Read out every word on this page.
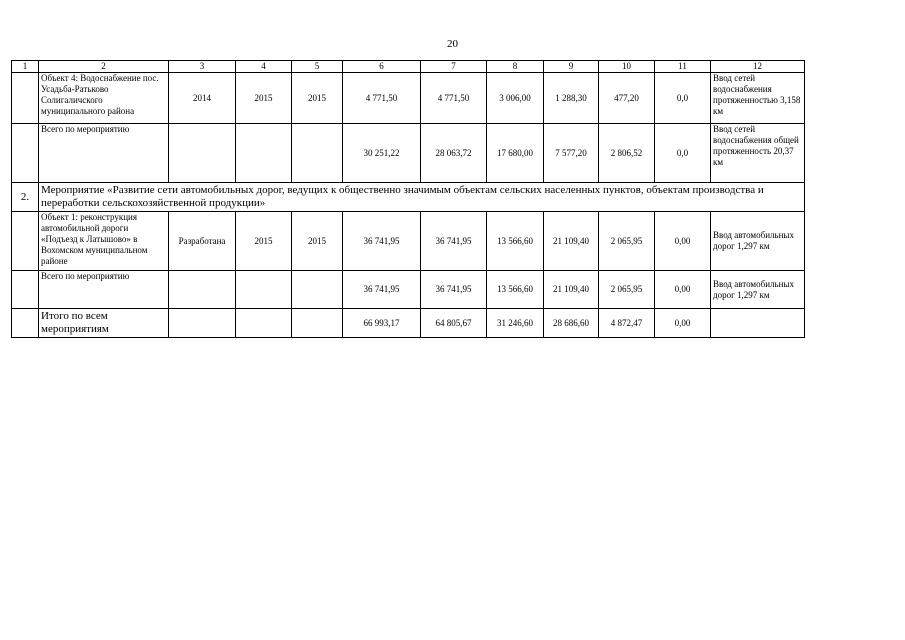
20
1	2	3	4	5	6	7	8	9	10	11	12
	Объект 4: Водоснабжение пос. Усадьба-Ратьково Солигаличского муниципального района	2014	2015	2015	4 771,50	4 771,50	3 006,00	1 288,30	477,20	0,0	Ввод сетей водоснабжения протяженностью 3,158 км
	Всего по мероприятию				30 251,22	28 063,72	17 680,00	7 577,20	2 806,52	0,0	Ввод сетей водоснабжения общей протяженность 20,37 км
2.	Мероприятие «Развитие сети автомобильных дорог, ведущих к общественно значимым объектам сельских населенных пунктов, объектам производства и переработки сельскохозяйственной продукции»										
	Объект 1: реконструкция автомобильной дороги «Подъезд к Латышово» в Вохомском муниципальном районе	Разработана	2015	2015	36 741,95	36 741,95	13 566,60	21 109,40	2 065,95	0,00	Ввод автомобильных дорог 1,297 км
	Всего по мероприятию				36 741,95	36 741,95	13 566,60	21 109,40	2 065,95	0,00	Ввод автомобильных дорог 1,297 км
	Итого по всем мероприятиям				66 993,17	64 805,67	31 246,60	28 686,60	4 872,47	0,00	
